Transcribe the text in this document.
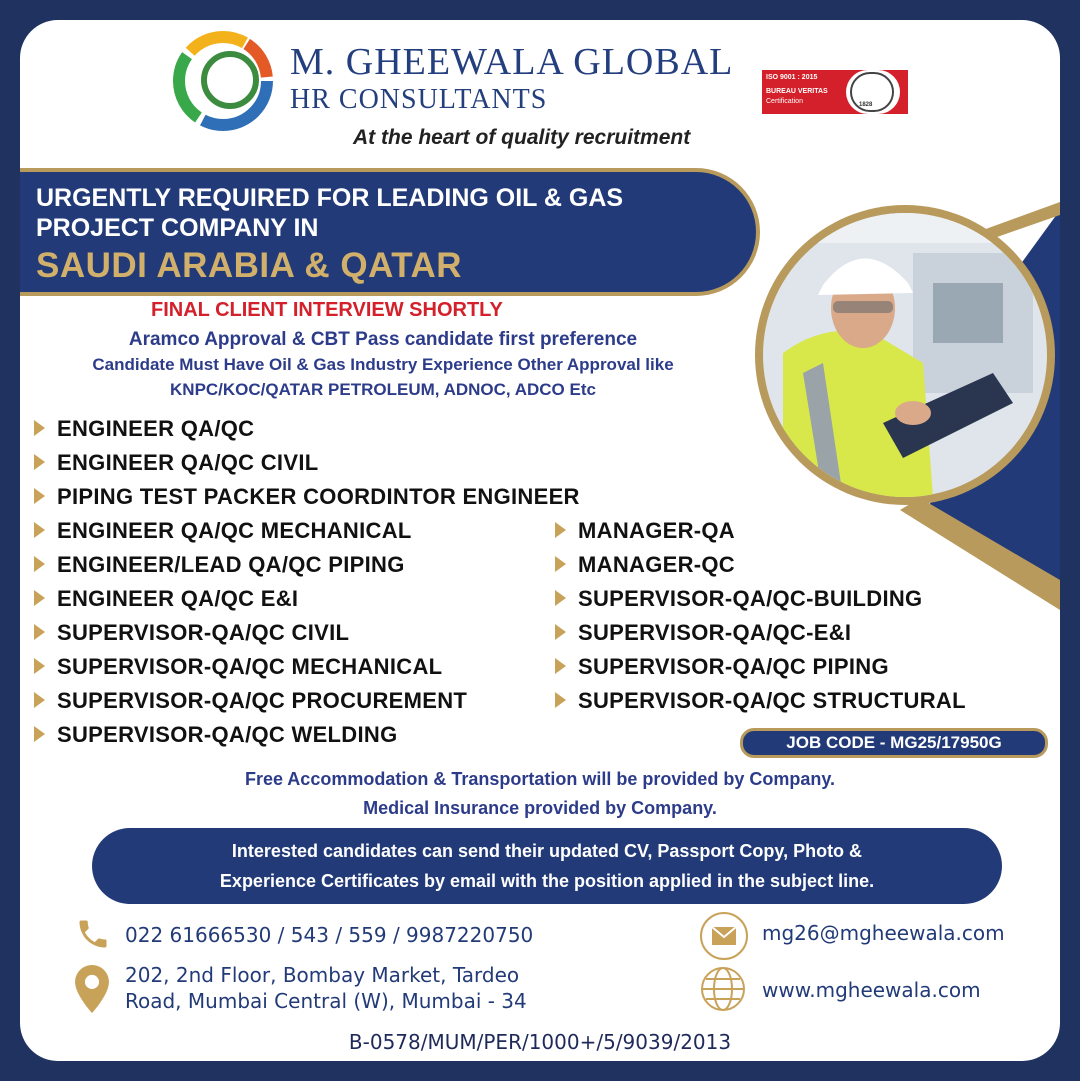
M. GHEEWALA GLOBAL
HR CONSULTANTS
At the heart of quality recruitment
ISO 9001 : 2015
BUREAU VERITAS
Certification	1828
URGENTLY REQUIRED FOR LEADING OIL & GAS
PROJECT COMPANY IN
SAUDI ARABIA & QATAR
FINAL CLIENT INTERVIEW SHORTLY
Aramco Approval & CBT Pass candidate first preference
Candidate Must Have Oil & Gas Industry Experience Other Approval like
KNPC/KOC/QATAR PETROLEUM, ADNOC, ADCO Etc
ENGINEER QA/QC
ENGINEER QA/QC CIVIL
PIPING TEST PACKER COORDINTOR ENGINEER
ENGINEER QA/QC MECHANICAL
ENGINEER/LEAD QA/QC PIPING
ENGINEER QA/QC E&I
SUPERVISOR-QA/QC CIVIL
SUPERVISOR-QA/QC MECHANICAL
SUPERVISOR-QA/QC PROCUREMENT
SUPERVISOR-QA/QC WELDING
MANAGER-QA
MANAGER-QC
SUPERVISOR-QA/QC-BUILDING
SUPERVISOR-QA/QC-E&I
SUPERVISOR-QA/QC PIPING
SUPERVISOR-QA/QC STRUCTURAL
JOB CODE - MG25/17950G
Free Accommodation & Transportation will be provided by Company.
Medical Insurance provided by Company.
Interested candidates can send their updated CV, Passport Copy, Photo &
Experience Certificates by email with the position applied in the subject line.
022 61666530 / 543 / 559 / 9987220750
202, 2nd Floor, Bombay Market, Tardeo
Road, Mumbai Central (W), Mumbai - 34
mg26@mgheewala.com
www.mgheewala.com
B-0578/MUM/PER/1000+/5/9039/2013
